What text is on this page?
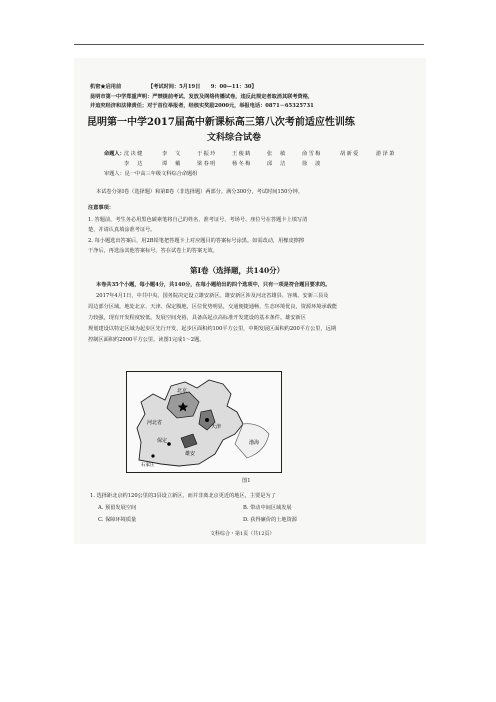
机密★启用前	【考试时间：5月19日　　9：00—11：30】
昆明市第一中学郑重声明：严禁提前考试、发放及网络传播试卷，违反此规定者取消其联考资格，
并追究经济和法律责任；对于首位举报者，经核实奖励2000元，举报电话：0871－65325731
昆明第一中学2017届高中新课标高三第八次考前适应性训练
文科综合试卷
命题人： 沈决健	李　文	于振玲	王俊鹤	张　敏	俞雪梅	胡新爱	游泽萧
李　达	谭　戴	梁春明	杨冬梅	邱　洁	徐　波
审题人：昆一中高三年级文科综合命题组
本试卷分第Ⅰ卷（选择题）和第Ⅱ卷（非选择题）两部分。满分300分，考试时间150分钟。
注意事项：
1. 答题前，考生务必用黑色碳素笔将自己的姓名、准考证号、考场号、座位号在答题卡上填写清
楚，并请认真填涂准考证号。
2. 每小题选出答案后，用2B铅笔把答题卡上对应题目的答案标号涂黑。如需改动，用橡皮擦擦
干净后，再选涂其他答案标号。答在试卷上的答案无效。
第Ⅰ卷（选择题，共140分）
本卷共35个小题，每小题4分，共140分，在每小题给出的四个选项中，只有一项是符合题目要求的。
2017年4月1日，中共中央、国务院决定设立雄安新区。雄安新区涉及河北省雄县、容城、安新三县及
周边部分区域，地处北京、天津、保定腹地，区位优势明显，交通便捷通畅，生态环境优良，资源环境承载能
力较强，现有开发程度较低，发展空间充裕，具备高起点高标准开发建设的基本条件。雄安新区
规划建设以特定区域为起步区先行开发，起步区面积约100平方公里，中期发展区面积约200平方公里，远期
控制区面积约2000平方公里。读图1完成1～2题。
北京
天津
雄安
保定
石家庄
河北省
渤海
图1
1. 选择距北京约120公里的3县设立新区，而并非离北京更近的地区，主要是为了
A. 预留发展空间	B. 带动中间区域发展
C. 保障环境质量	D. 获得廉价的土地资源
文科综合・第1页（共12页）
